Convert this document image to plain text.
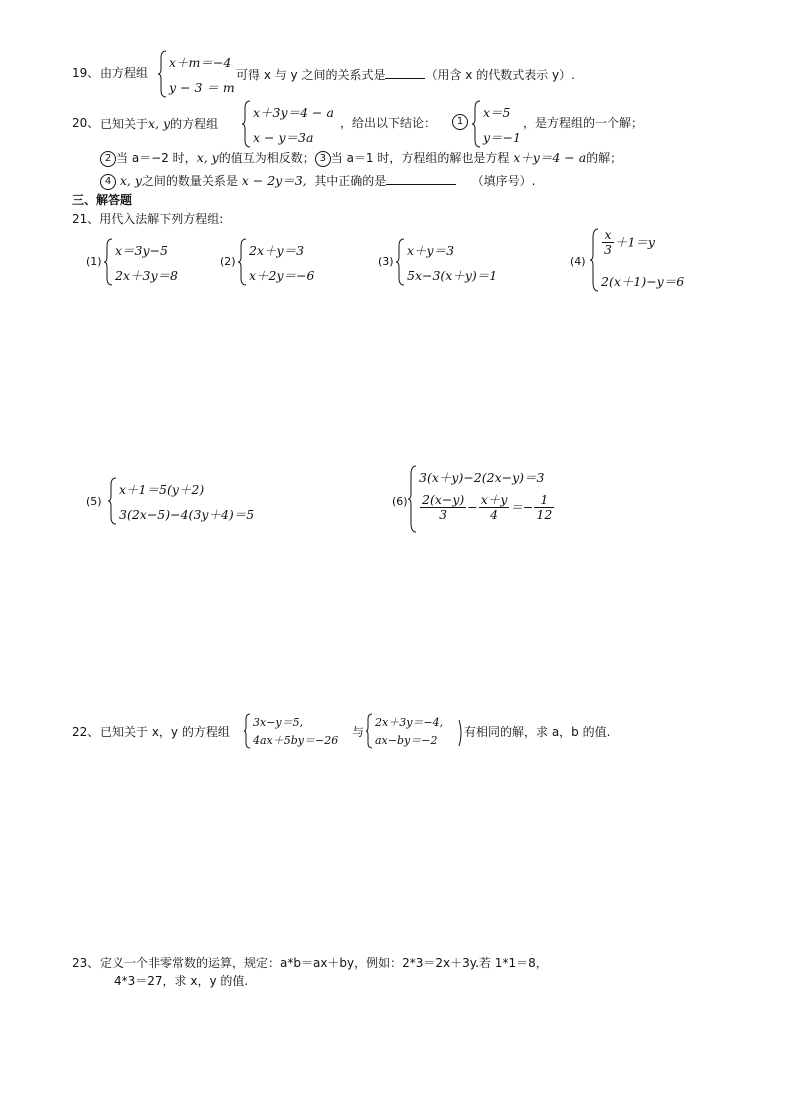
19、 由方程组
x＋m＝−4
y − 3 ＝ m
可得 x 与 y 之间的关系式是	（用含 x 的代数式表示 y）.
20、 已知关于x, y的方程组
x＋3y＝4 − a
x − y＝3a
，给出以下结论：	1
x＝5
y＝−1
，是方程组的一个解；
2 当 a＝−2 时，x, y的值互为相反数； 3 当 a＝1 时，方程组的解也是方程 x＋y＝4 − a的解；
4 x, y之间的数量关系是 x − 2y＝3, 其中正确的是	（填序号）.
三、解答题
21、用代入法解下列方程组:
(1)
x＝3y−5
2x＋3y＝8
(2)
2x＋y＝3
x＋2y＝−6
(3)
x＋y＝3
5x−3(x＋y)＝1
(4)
$\frac{x}{3} +1=y$
2(x＋1)−y＝6
(5)
x＋1＝5(y＋2)
3(2x−5)−4(3y＋4)＝5
(6)
3(x＋y)−2(2x−y)＝3
$\frac{2(x-y)}{3} - \frac{x+y}{4} =- \frac{1}{12}$
22、 已知关于 x，y 的方程组
3x−y＝5,
4ax＋5by＝−26
与
2x＋3y＝−4,
ax−by＝−2
有相同的解，求 a，b 的值.
23、 定义一个非零常数的运算，规定：a*b＝ax＋by，例如：2*3＝2x＋3y.若 1*1＝8，
4*3＝27，求 x，y 的值.
